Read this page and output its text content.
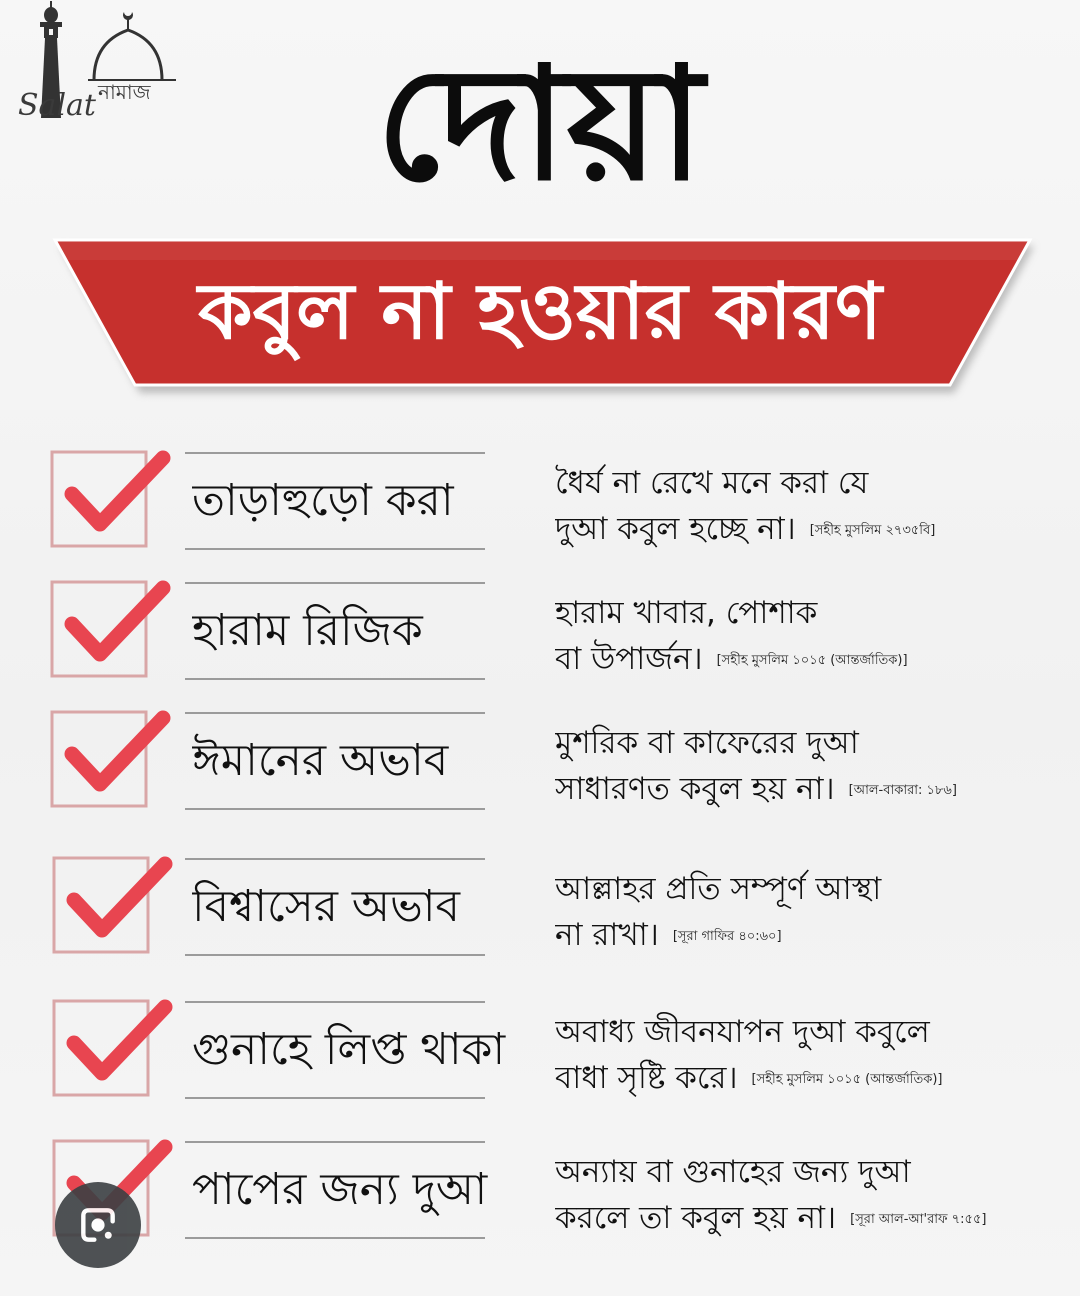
নামাজ
Salat	দোয়া
কবুল না হওয়ার কারণ
তাড়াহুড়ো করা	ধৈর্য না রেখে মনে করা যে
দুআ কবুল হচ্ছে না। [সহীহ মুসলিম ২৭৩৫বি]
হারাম রিজিক	হারাম খাবার, পোশাক
বা উপার্জন। [সহীহ মুসলিম ১০১৫ (আন্তর্জাতিক)]
ঈমানের অভাব	মুশরিক বা কাফেরের দুআ
সাধারণত কবুল হয় না। [আল-বাকারা: ১৮৬]
বিশ্বাসের অভাব	আল্লাহর প্রতি সম্পূর্ণ আস্থা
না রাখা। [সূরা গাফির ৪০:৬০]
গুনাহে লিপ্ত থাকা	অবাধ্য জীবনযাপন দুআ কবুলে
বাধা সৃষ্টি করে। [সহীহ মুসলিম ১০১৫ (আন্তর্জাতিক)]
পাপের জন্য দুআ	অন্যায় বা গুনাহের জন্য দুআ
করলে তা কবুল হয় না। [সূরা আল-আ'রাফ ৭:৫৫]
